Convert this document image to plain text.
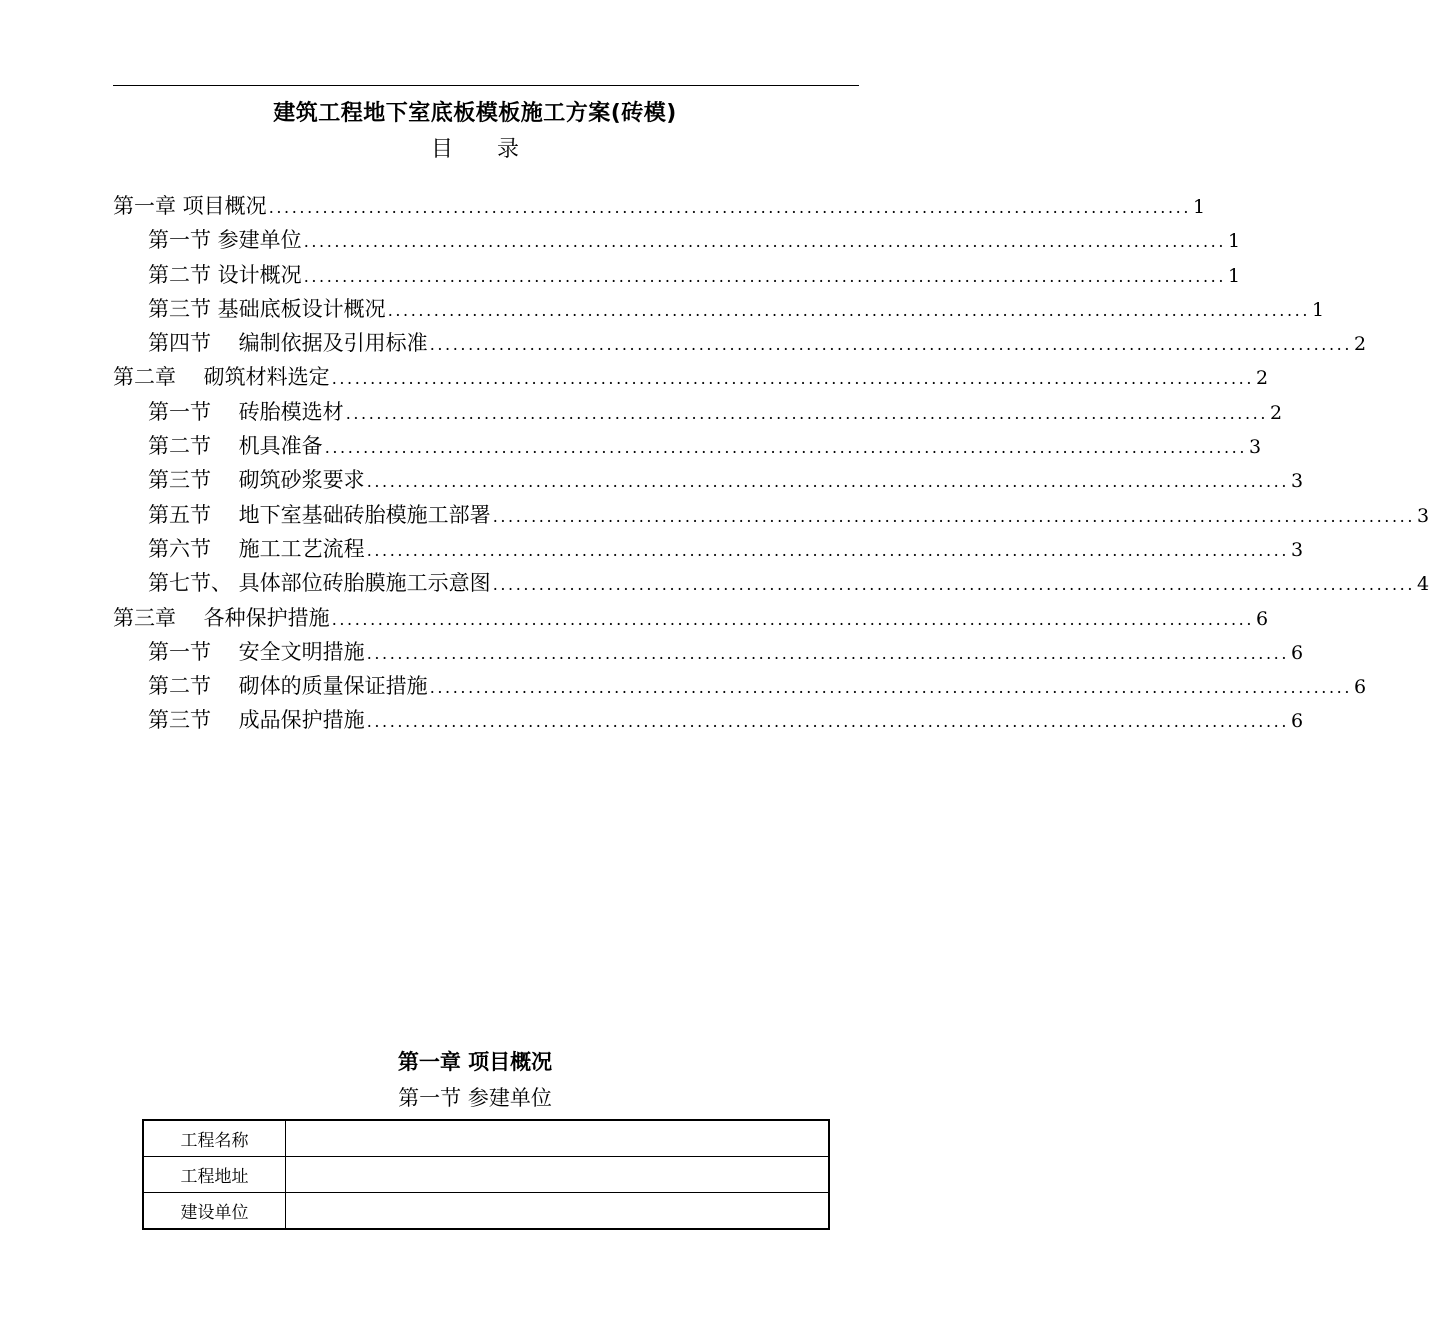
建筑工程地下室底板模板施工方案(砖模)
目　　录
第一章 项目概况 ........................................................................................................................ 1
第一节 参建单位 ........................................................................................................................ 1
第二节 设计概况 ........................................................................................................................ 1
第三节 基础底板设计概况 ........................................................................................................................ 1
第四节　 编制依据及引用标准 ........................................................................................................................ 2
第二章　 砌筑材料选定 ........................................................................................................................ 2
第一节　 砖胎模选材 ........................................................................................................................ 2
第二节　 机具准备 ........................................................................................................................ 3
第三节　 砌筑砂浆要求 ........................................................................................................................ 3
第五节　 地下室基础砖胎模施工部署 ........................................................................................................................ 3
第六节　 施工工艺流程 ........................................................................................................................ 3
第七节、 具体部位砖胎膜施工示意图 ........................................................................................................................ 4
第三章　 各种保护措施 ........................................................................................................................ 6
第一节　 安全文明措施 ........................................................................................................................ 6
第二节　 砌体的质量保证措施 ........................................................................................................................ 6
第三节　 成品保护措施 ........................................................................................................................ 6
第一章 项目概况
第一节 参建单位
工程名称	
工程地址	
建设单位	
